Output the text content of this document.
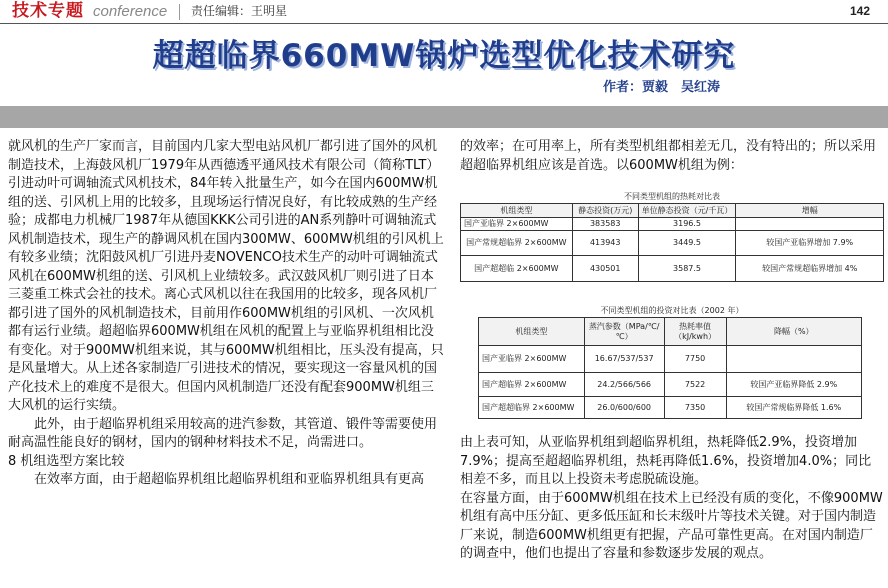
技术专题 conference 责任编辑：王明星	142
超超临界660MW锅炉选型优化技术研究
作者：贾毅　吴红涛

就风机的生产厂家而言，目前国内几家大型电站风机厂都引进了国外的风机制造技术，上海鼓风机厂1979年从西德透平通风技术有限公司（简称TLT）引进动叶可调轴流式风机技术，84年转入批量生产，如今在国内600MW机组的送、引风机上用的比较多，且现场运行情况良好，有比较成熟的生产经验；成都电力机械厂1987年从德国KKK公司引进的AN系列静叶可调轴流式风机制造技术，现生产的静调风机在国内300MW、600MW机组的引风机上有较多业绩；沈阳鼓风机厂引进丹麦NOVENCO技术生产的动叶可调轴流式风机在600MW机组的送、引风机上业绩较多。武汉鼓风机厂则引进了日本三菱重工株式会社的技术。离心式风机以往在我国用的比较多，现各风机厂都引进了国外的风机制造技术，目前用作600MW机组的引风机、一次风机都有运行业绩。超超临界600MW机组在风机的配置上与亚临界机组相比没有变化。对于900MW机组来说，其与600MW机组相比，压头没有提高，只是风量增大。从上述各家制造厂引进技术的情况，要实现这一容量风机的国产化技术上的难度不是很大。但国内风机制造厂还没有配套900MW机组三大风机的运行实绩。

此外，由于超临界机组采用较高的进汽参数，其管道、锻件等需要使用耐高温性能良好的钢材，国内的钢种材料技术不足，尚需进口。

8 机组选型方案比较

在效率方面，由于超超临界机组比超临界机组和亚临界机组具有更高

的效率；在可用率上，所有类型机组都相差无几，没有特出的；所以采用超超临界机组应该是首选。以600MW机组为例：

不同类型机组的热耗对比表
机组类型	静态投资(万元)	单位静态投资（元/千瓦）	增幅
国产亚临界 2×600MW	383583	3196.5	
国产常规超临界 2×600MW	413943	3449.5	较国产亚临界增加 7.9%
国产超超临 2×600MW	430501	3587.5	较国产常规超临界增加 4%
不同类型机组的投资对比表（2002 年）
机组类型	蒸汽参数（MPa/℃/℃）	热耗率值（kJ/kwh）	降幅（%）
国产亚临界 2×600MW	16.67/537/537	7750	
国产超临界 2×600MW	24.2/566/566	7522	较国产亚临界降低 2.9%
国产超超临界 2×600MW	26.0/600/600	7350	较国产常规临界降低 1.6%

由上表可知，从亚临界机组到超临界机组，热耗降低2.9%，投资增加7.9%；提高至超超临界机组，热耗再降低1.6%，投资增加4.0%；同比相差不多，而且以上投资未考虑脱硫设施。

在容量方面，由于600MW机组在技术上已经没有质的变化，不像900MW机组有高中压分缸、更多低压缸和长末级叶片等技术关键。对于国内制造厂来说，制造600MW机组更有把握，产品可靠性更高。在对国内制造厂的调查中，他们也提出了容量和参数逐步发展的观点。
